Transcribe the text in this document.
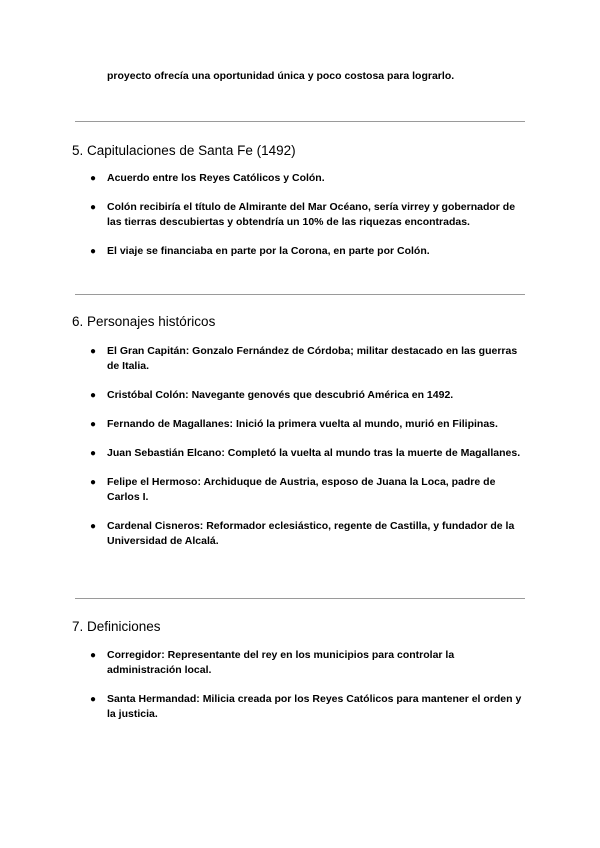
proyecto ofrecía una oportunidad única y poco costosa para lograrlo.
5. Capitulaciones de Santa Fe (1492)
●	Acuerdo entre los Reyes Católicos y Colón.
●	Colón recibiría el título de Almirante del Mar Océano, sería virrey y gobernador de las tierras descubiertas y obtendría un 10% de las riquezas encontradas.
●	El viaje se financiaba en parte por la Corona, en parte por Colón.
6. Personajes históricos
●	El Gran Capitán: Gonzalo Fernández de Córdoba; militar destacado en las guerras de Italia.
●	Cristóbal Colón: Navegante genovés que descubrió América en 1492.
●	Fernando de Magallanes: Inició la primera vuelta al mundo, murió en Filipinas.
●	Juan Sebastián Elcano: Completó la vuelta al mundo tras la muerte de Magallanes.
●	Felipe el Hermoso: Archiduque de Austria, esposo de Juana la Loca, padre de Carlos I.
●	Cardenal Cisneros: Reformador eclesiástico, regente de Castilla, y fundador de la Universidad de Alcalá.
7. Definiciones
●	Corregidor: Representante del rey en los municipios para controlar la administración local.
●	Santa Hermandad: Milicia creada por los Reyes Católicos para mantener el orden y la justicia.
